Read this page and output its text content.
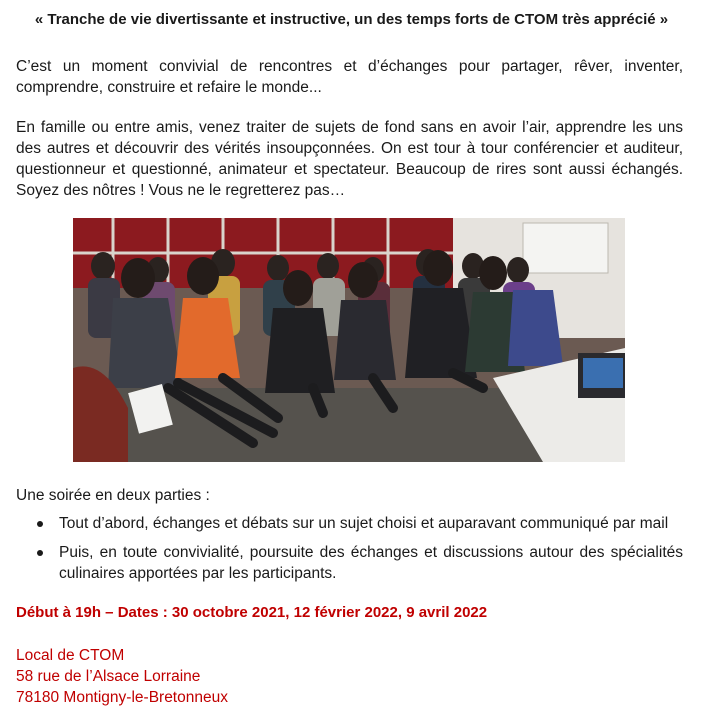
« Tranche de vie divertissante et instructive, un des temps forts de CTOM très apprécié »

C’est un moment convivial de rencontres et d’échanges pour partager, rêver, inventer, comprendre, construire et refaire le monde...

En famille ou entre amis, venez traiter de sujets de fond sans en avoir l’air, apprendre les uns des autres et découvrir des vérités insoupçonnées. On est tour à tour conférencier et auditeur, questionneur et questionné, animateur et spectateur. Beaucoup de rires sont aussi échangés. Soyez des nôtres ! Vous ne le regretterez pas…

Une soirée en deux parties :

Tout d’abord, échanges et débats sur un sujet choisi et auparavant communiqué par mail
Puis, en toute convivialité, poursuite des échanges et discussions autour des spécialités culinaires apportées par les participants.

Début à 19h – Dates : 30 octobre 2021, 12 février 2022, 9 avril 2022

Local de CTOM
58 rue de l’Alsace Lorraine
78180 Montigny-le-Bretonneux
